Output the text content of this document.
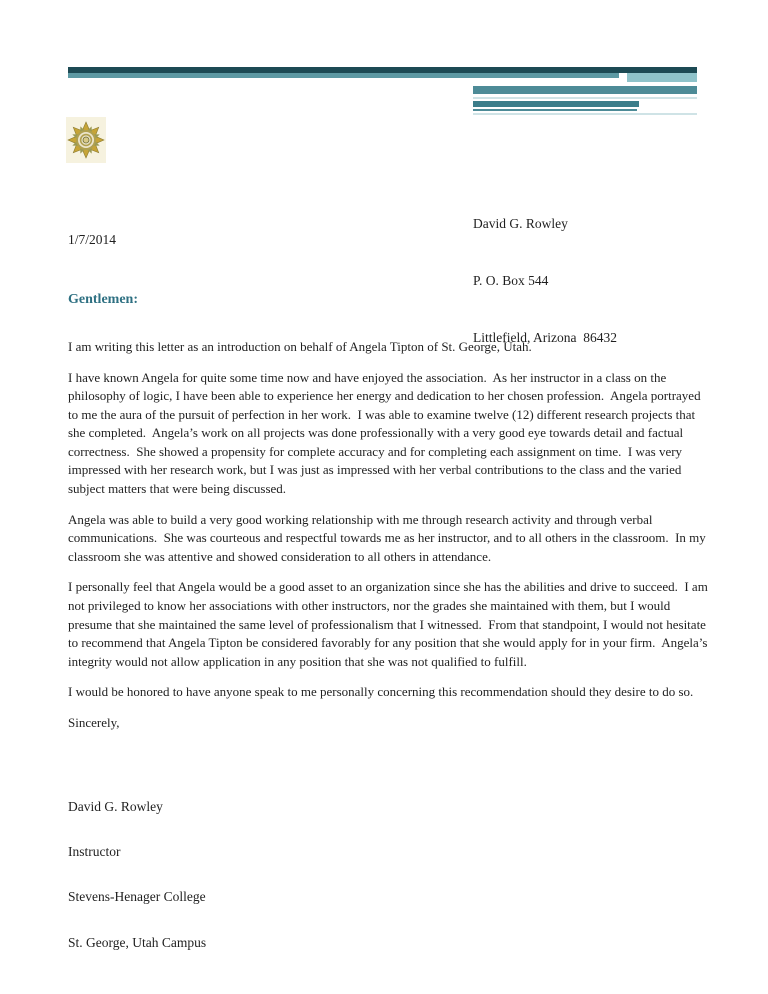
David G. Rowley

P. O. Box 544

Littlefield, Arizona  86432

1/7/2014
Gentlemen:

I am writing this letter as an introduction on behalf of Angela Tipton of St. George, Utah.

I have known Angela for quite some time now and have enjoyed the association.  As her instructor in a class on the philosophy of logic, I have been able to experience her energy and dedication to her chosen profession.  Angela portrayed to me the aura of the pursuit of perfection in her work.  I was able to examine twelve (12) different research projects that she completed.  Angela’s work on all projects was done professionally with a very good eye towards detail and factual correctness.  She showed a propensity for complete accuracy and for completing each assignment on time.  I was very impressed with her research work, but I was just as impressed with her verbal contributions to the class and the varied subject matters that were being discussed.

Angela was able to build a very good working relationship with me through research activity and through verbal communications.  She was courteous and respectful towards me as her instructor, and to all others in the classroom.  In my classroom she was attentive and showed consideration to all others in attendance.

I personally feel that Angela would be a good asset to an organization since she has the abilities and drive to succeed.  I am not privileged to know her associations with other instructors, nor the grades she maintained with them, but I would presume that she maintained the same level of professionalism that I witnessed.  From that standpoint, I would not hesitate to recommend that Angela Tipton be considered favorably for any position that she would apply for in your firm.  Angela’s integrity would not allow application in any position that she was not qualified to fulfill.

I would be honored to have anyone speak to me personally concerning this recommendation should they desire to do so.

Sincerely,

David G. Rowley

Instructor

Stevens-Henager College

St. George, Utah Campus
